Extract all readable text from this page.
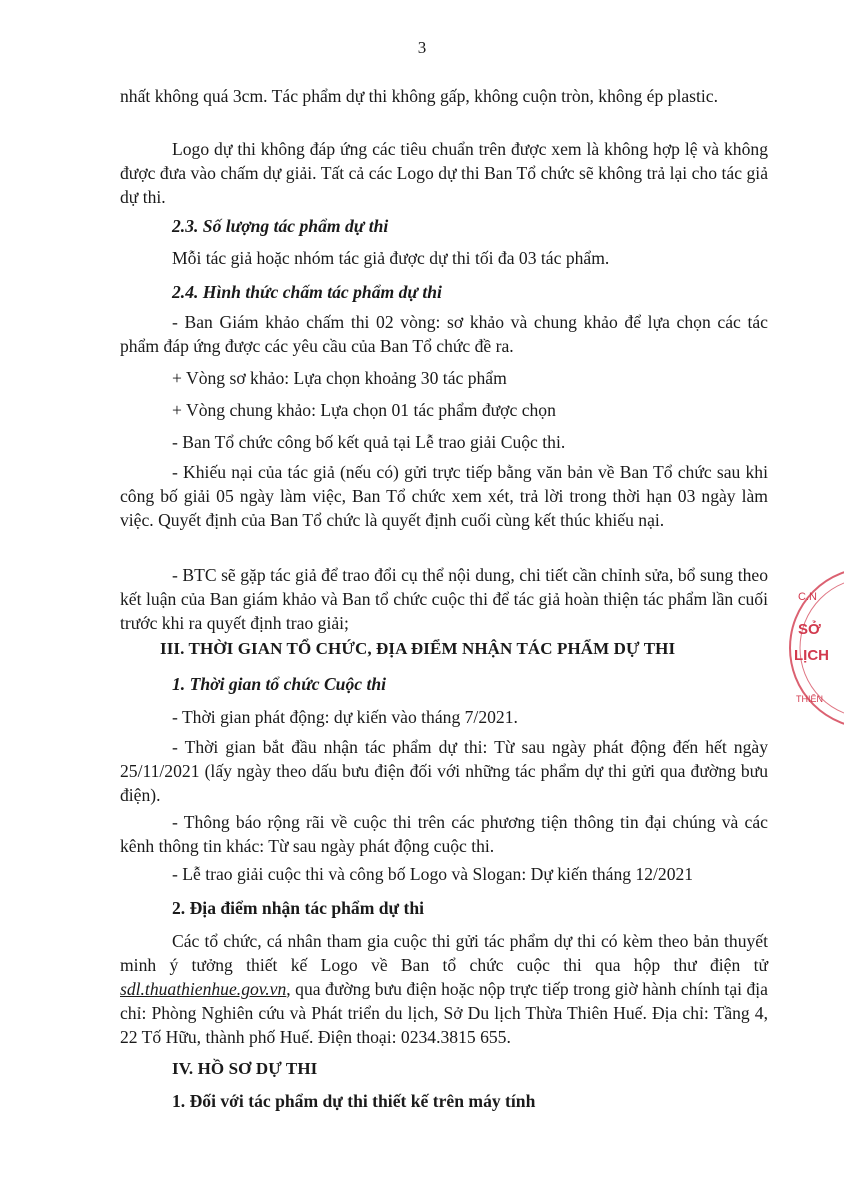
3

nhất không quá 3cm. Tác phẩm dự thi không gấp, không cuộn tròn, không ép plastic.

Logo dự thi không đáp ứng các tiêu chuẩn trên được xem là không hợp lệ và không được đưa vào chấm dự giải. Tất cả các Logo dự thi Ban Tổ chức sẽ không trả lại cho tác giả dự thi.

2.3. Số lượng tác phẩm dự thi

Mỗi tác giả hoặc nhóm tác giả được dự thi tối đa 03 tác phẩm.

2.4. Hình thức chấm tác phẩm dự thi

- Ban Giám khảo chấm thi 02 vòng: sơ khảo và chung khảo để lựa chọn các tác phẩm đáp ứng được các yêu cầu của Ban Tổ chức đề ra.

+ Vòng sơ khảo: Lựa chọn khoảng 30 tác phẩm

+ Vòng chung khảo: Lựa chọn 01 tác phẩm được chọn

- Ban Tổ chức công bố kết quả tại Lễ trao giải Cuộc thi.

- Khiếu nại của tác giả (nếu có) gửi trực tiếp bằng văn bản về Ban Tổ chức sau khi công bố giải 05 ngày làm việc, Ban Tổ chức xem xét, trả lời trong thời hạn 03 ngày làm việc. Quyết định của Ban Tổ chức là quyết định cuối cùng kết thúc khiếu nại.

- BTC sẽ gặp tác giả để trao đổi cụ thể nội dung, chi tiết cần chỉnh sửa, bổ sung theo kết luận của Ban giám khảo và Ban tổ chức cuộc thi để tác giả hoàn thiện tác phẩm lần cuối trước khi ra quyết định trao giải;

III. THỜI GIAN TỔ CHỨC, ĐỊA ĐIỂM NHẬN TÁC PHẨM DỰ THI

1. Thời gian tổ chức Cuộc thi

- Thời gian phát động: dự kiến vào tháng 7/2021.

- Thời gian bắt đầu nhận tác phẩm dự thi: Từ sau ngày phát động đến hết ngày 25/11/2021 (lấy ngày theo dấu bưu điện đối với những tác phẩm dự thi gửi qua đường bưu điện).

- Thông báo rộng rãi về cuộc thi trên các phương tiện thông tin đại chúng và các kênh thông tin khác: Từ sau ngày phát động cuộc thi.

- Lễ trao giải cuộc thi và công bố Logo và Slogan: Dự kiến tháng 12/2021

2. Địa điểm nhận tác phẩm dự thi

Các tổ chức, cá nhân tham gia cuộc thi gửi tác phẩm dự thi có kèm theo bản thuyết minh ý tưởng thiết kế Logo về Ban tổ chức cuộc thi qua hộp thư điện tử sdl.thuathienhue.gov.vn, qua đường bưu điện hoặc nộp trực tiếp trong giờ hành chính tại địa chỉ: Phòng Nghiên cứu và Phát triển du lịch, Sở Du lịch Thừa Thiên Huế. Địa chỉ: Tầng 4, 22 Tố Hữu, thành phố Huế. Điện thoại: 0234.3815 655.

IV. HỒ SƠ DỰ THI

1. Đối với tác phẩm dự thi thiết kế trên máy tính

C.N
SỞ
LỊCH
THIÊN
